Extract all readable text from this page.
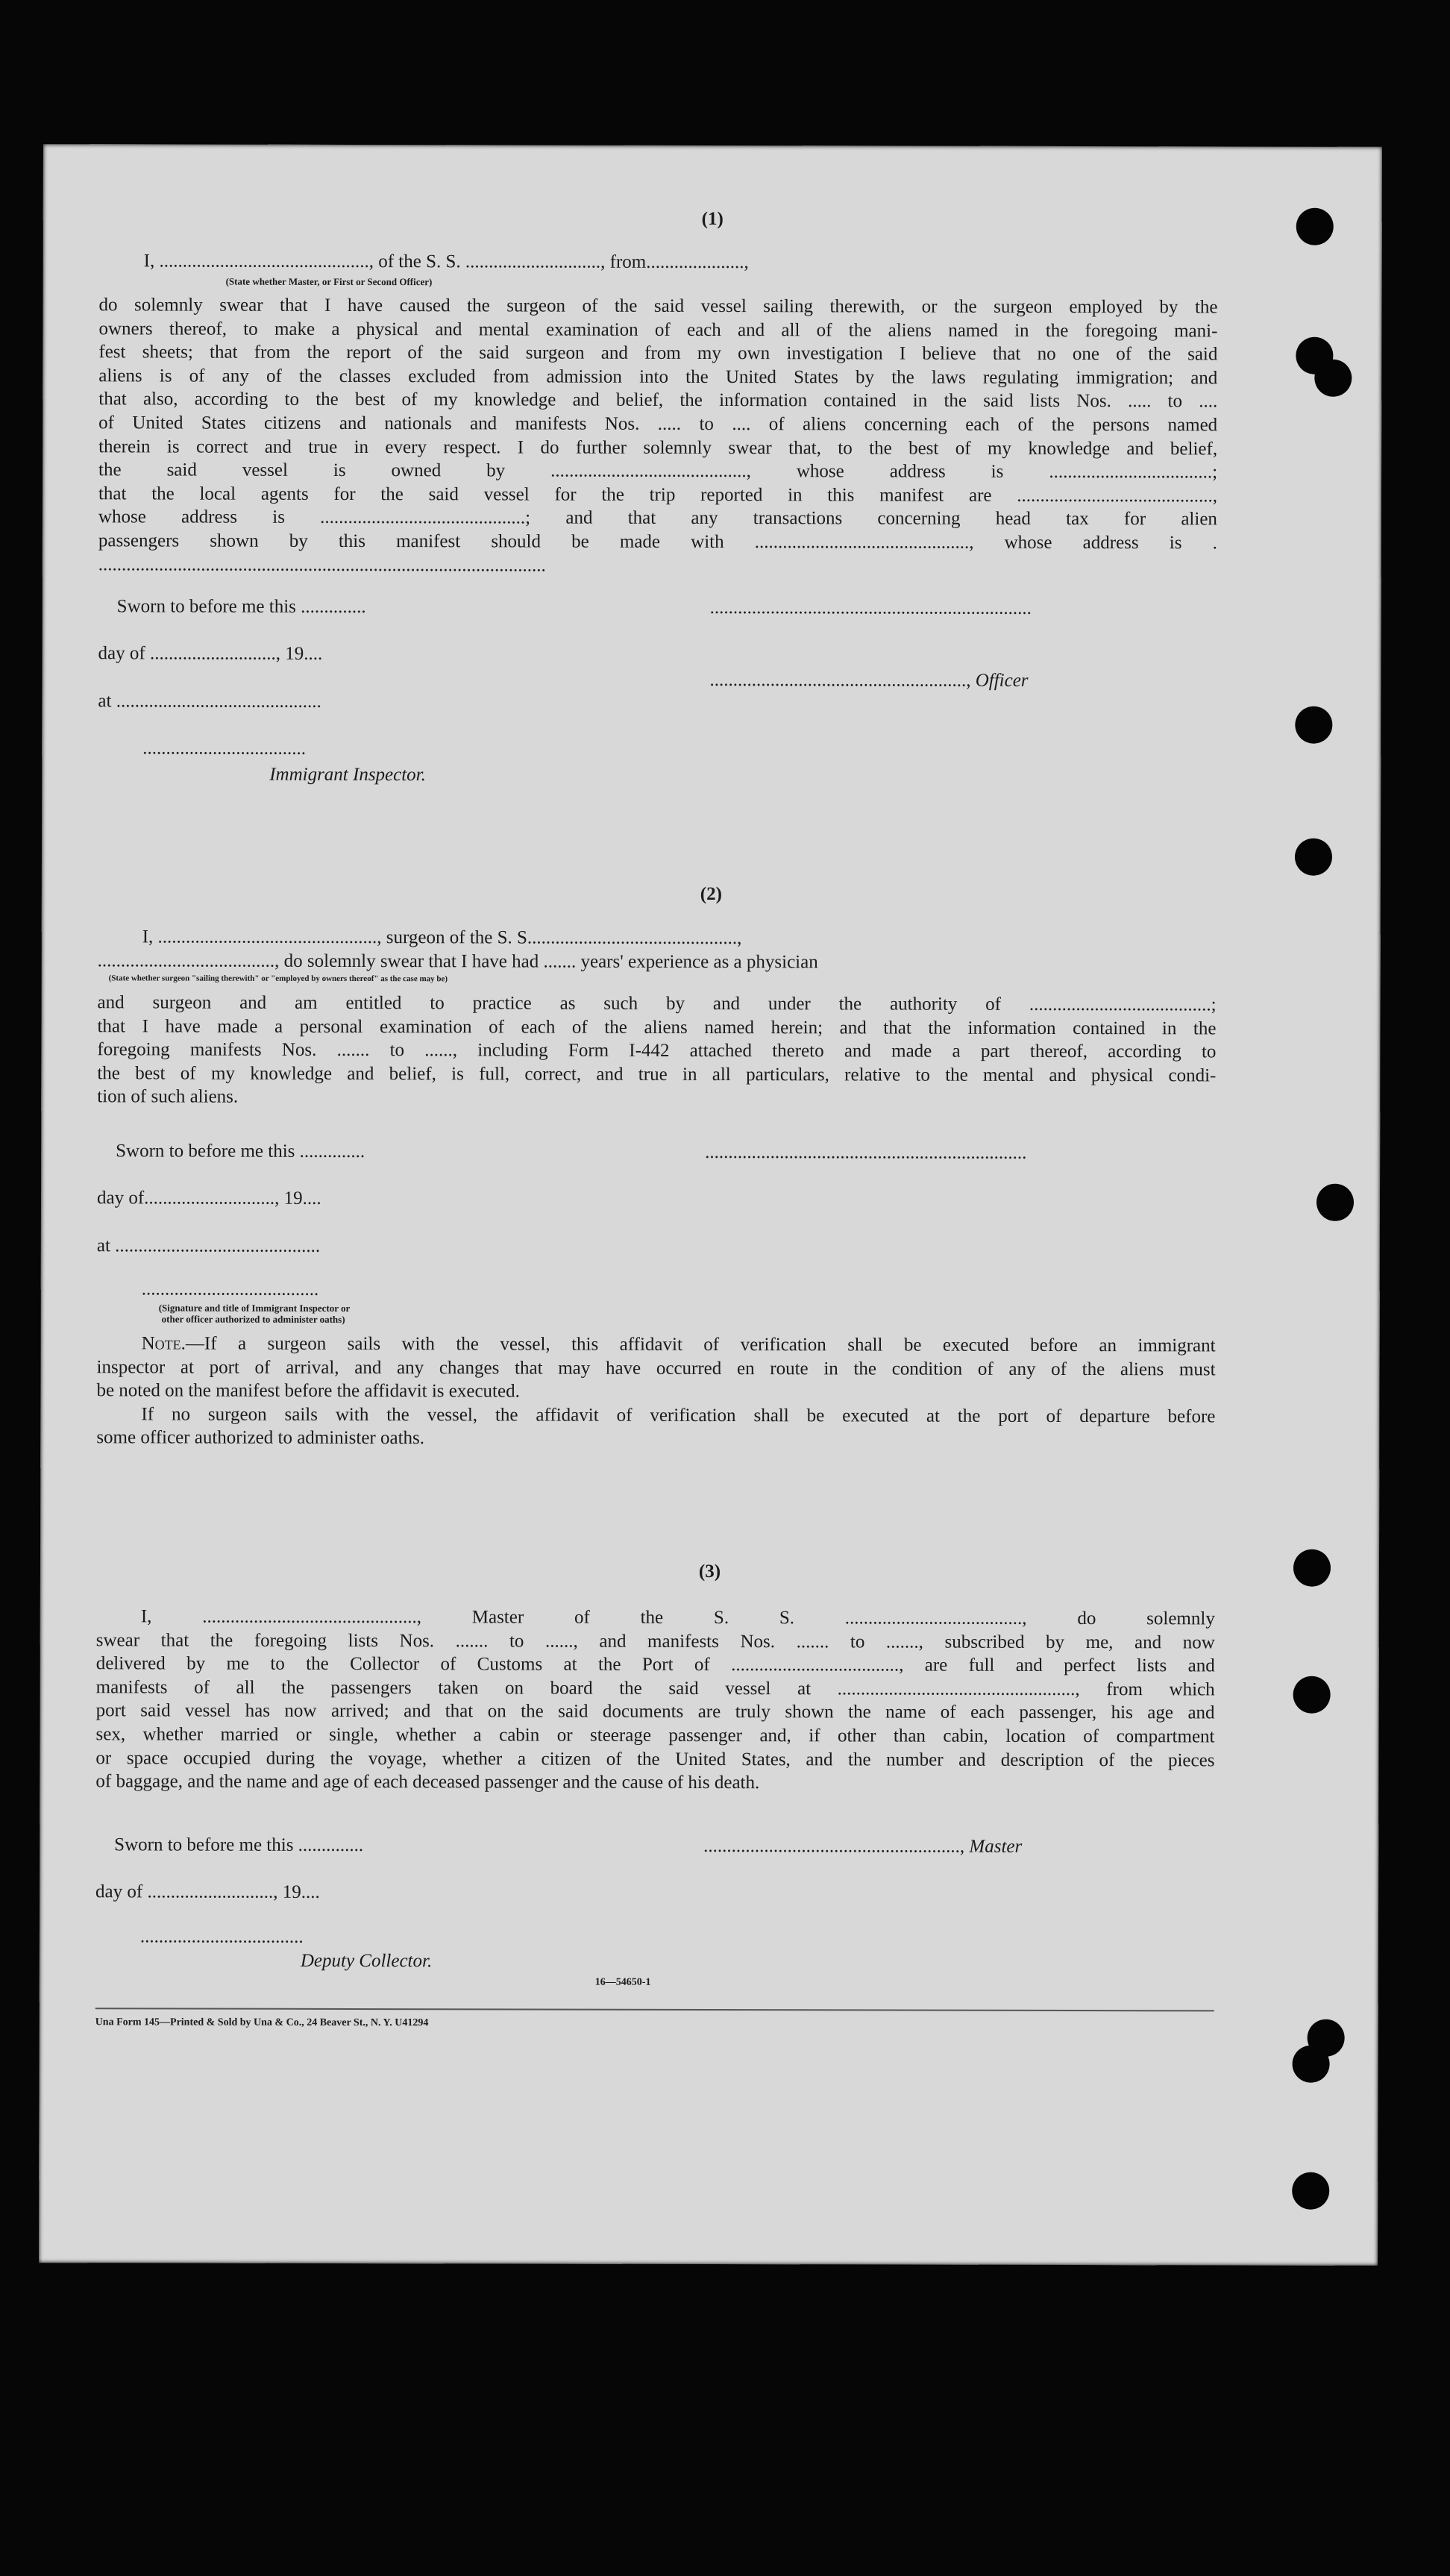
(1)
I, ............................................., of the S. S. ............................., from.....................,
(State whether Master, or First or Second Officer)
do solemnly swear that I have caused the surgeon of the said vessel sailing therewith, or the surgeon employed by the
owners thereof, to make a physical and mental examination of each and all of the aliens named in the foregoing mani-
fest sheets; that from the report of the said surgeon and from my own investigation I believe that no one of the said
aliens is of any of the classes excluded from admission into the United States by the laws regulating immigration; and
that also, according to the best of my knowledge and belief, the information contained in the said lists Nos. ..... to ....
of United States citizens and nationals and manifests Nos. ..... to .... of aliens concerning each of the persons named
therein is correct and true in every respect. I do further solemnly swear that, to the best of my knowledge and belief,
the said vessel is owned by .........................................., whose address is ...................................;
that the local agents for the said vessel for the trip reported in this manifest are ..........................................,
whose address is ............................................; and that any transactions concerning head tax for alien
passengers shown by this manifest should be made with .............................................., whose address is .
................................................................................................
Sworn to before me this ..............	.....................................................................
day of ..........................., 19....
......................................................., Officer
at ............................................
...................................
Immigrant Inspector.
(2)
I, ..............................................., surgeon of the S. S.............................................,
......................................, do solemnly swear that I have had ....... years' experience as a physician
(State whether surgeon "sailing therewith" or "employed by owners thereof" as the case may be)
and surgeon and am entitled to practice as such by and under the authority of .......................................;
that I have made a personal examination of each of the aliens named herein; and that the information contained in the
foregoing manifests Nos. ....... to ......, including Form I-442 attached thereto and made a part thereof, according to
the best of my knowledge and belief, is full, correct, and true in all particulars, relative to the mental and physical condi-
tion of such aliens.
Sworn to before me this ..............	.....................................................................
day of............................, 19....
at ............................................
......................................
(Signature and title of Immigrant Inspector or
other officer authorized to administer oaths)
Note.—If a surgeon sails with the vessel, this affidavit of verification shall be executed before an immigrant
inspector at port of arrival, and any changes that may have occurred en route in the condition of any of the aliens must
be noted on the manifest before the affidavit is executed.
If no surgeon sails with the vessel, the affidavit of verification shall be executed at the port of departure before
some officer authorized to administer oaths.
(3)
I, .............................................., Master of the S. S. ......................................, do solemnly
swear that the foregoing lists Nos. ....... to ......, and manifests Nos. ....... to ......., subscribed by me, and now
delivered by me to the Collector of Customs at the Port of ...................................., are full and perfect lists and
manifests of all the passengers taken on board the said vessel at ..................................................., from which
port said vessel has now arrived; and that on the said documents are truly shown the name of each passenger, his age and
sex, whether married or single, whether a cabin or steerage passenger and, if other than cabin, location of compartment
or space occupied during the voyage, whether a citizen of the United States, and the number and description of the pieces
of baggage, and the name and age of each deceased passenger and the cause of his death.
Sworn to before me this ..............	......................................................., Master
day of ..........................., 19....
...................................
Deputy Collector.
16—54650-1
Una Form 145—Printed & Sold by Una & Co., 24 Beaver St., N. Y. U41294
